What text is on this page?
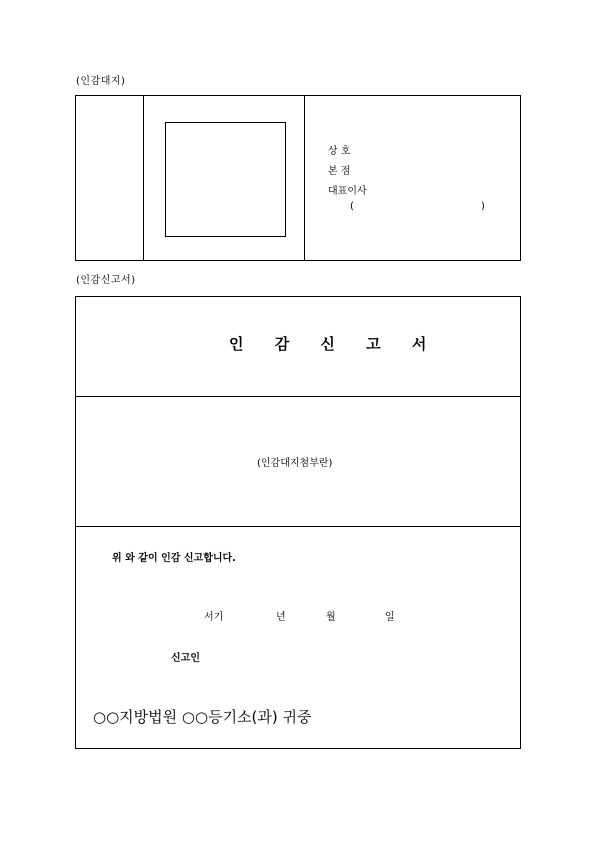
(인감대지)
상 호
본 점
대표이사
(	)
(인감신고서)
인 감 신 고 서
(인감대지첨부란)
위 와 같이 인감 신고합니다.
서기	년	월	일
신고인
○○지방법원 ○○등기소(과) 귀중
